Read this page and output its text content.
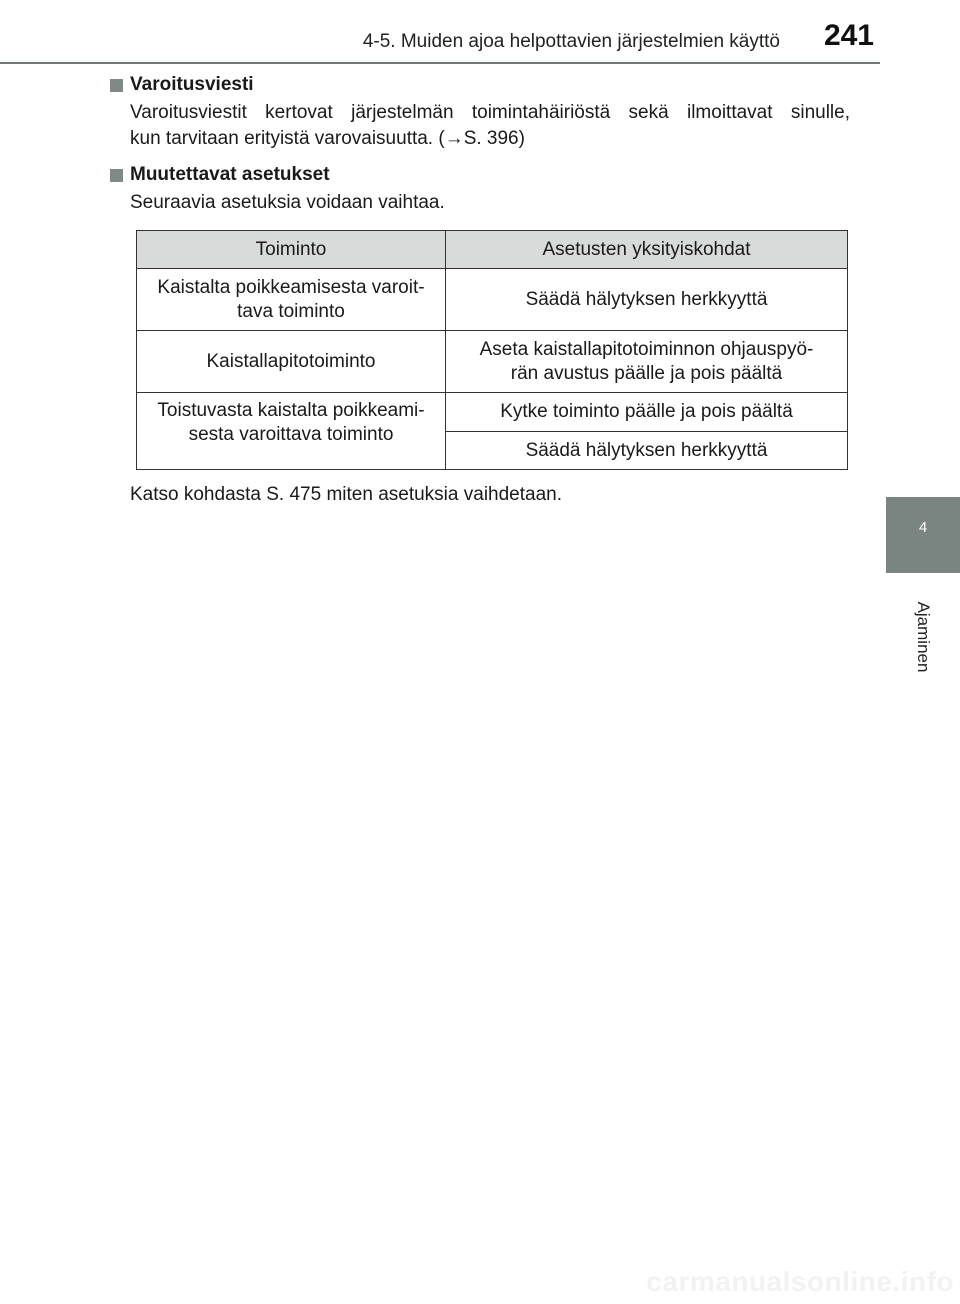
4-5. Muiden ajoa helpottavien järjestelmien käyttö 241
4
Ajaminen
Varoitusviesti
Varoitusviestit kertovat järjestelmän toimintahäiriöstä sekä ilmoittavat sinulle,
kun tarvitaan erityistä varovaisuutta. (→S. 396)
Muutettavat asetukset
Seuraavia asetuksia voidaan vaihtaa.
Toiminto	Asetusten yksityiskohdat

Kaistalta poikkeamisesta varoit-
tava toiminto	Säädä hälytyksen herkkyyttä

Kaistallapitotoiminto	Aseta kaistallapitotoiminnon ohjauspyö-
rän avustus päälle ja pois päältä

Toistuvasta kaistalta poikkeami-
sesta varoittava toiminto	Kytke toiminto päälle ja pois päältä

	Säädä hälytyksen herkkyyttä
Katso kohdasta S. 475 miten asetuksia vaihdetaan.
carmanualsonline.info
